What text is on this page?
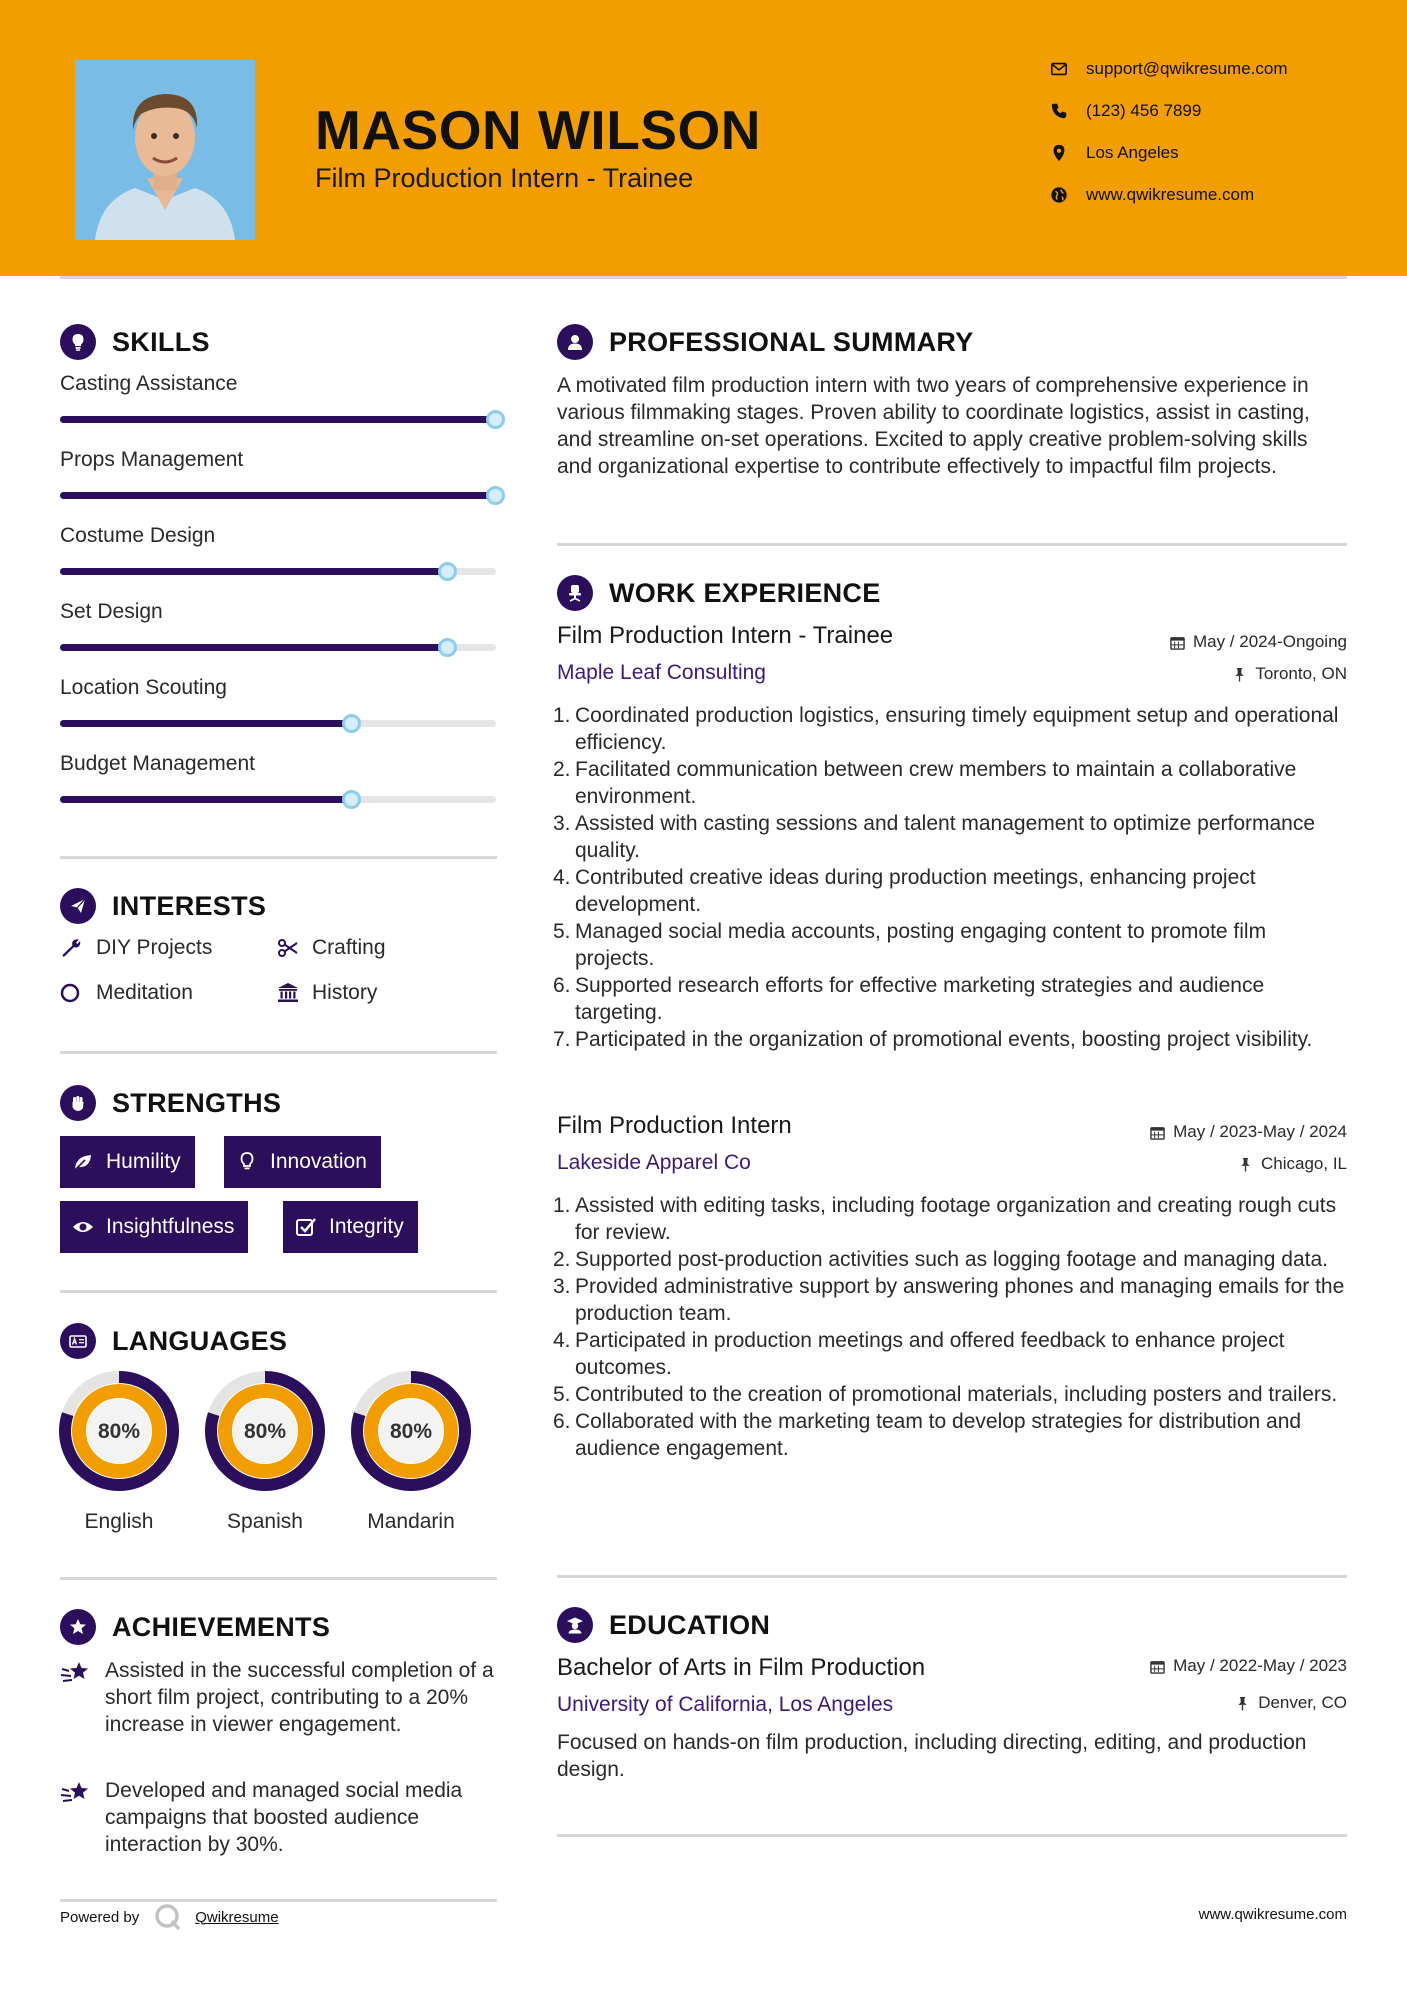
MASON WILSON
Film Production Intern - Trainee
support@qwikresume.com
(123) 456 7899
Los Angeles
www.qwikresume.com
SKILLS
Casting Assistance
Props Management
Costume Design
Set Design
Location Scouting
Budget Management
INTERESTS
DIY Projects	Crafting
Meditation	History
STRENGTHS
Humility	Innovation
Insightfulness	Integrity
LANGUAGES
80%
English
80%
Spanish
80%
Mandarin
ACHIEVEMENTS
Assisted in the successful completion of a short film project, contributing to a 20% increase in viewer engagement.
Developed and managed social media campaigns that boosted audience interaction by 30%.
PROFESSIONAL SUMMARY
A motivated film production intern with two years of comprehensive experience in various filmmaking stages. Proven ability to coordinate logistics, assist in casting, and streamline on-set operations. Excited to apply creative problem-solving skills and organizational expertise to contribute effectively to impactful film projects.
WORK EXPERIENCE
Film Production Intern - Trainee	May / 2024-Ongoing
Maple Leaf Consulting	Toronto, ON
1. Coordinated production logistics, ensuring timely equipment setup and operational efficiency.
2. Facilitated communication between crew members to maintain a collaborative environment.
3. Assisted with casting sessions and talent management to optimize performance quality.
4. Contributed creative ideas during production meetings, enhancing project development.
5. Managed social media accounts, posting engaging content to promote film projects.
6. Supported research efforts for effective marketing strategies and audience targeting.
7. Participated in the organization of promotional events, boosting project visibility.
Film Production Intern	May / 2023-May / 2024
Lakeside Apparel Co	Chicago, IL
1. Assisted with editing tasks, including footage organization and creating rough cuts for review.
2. Supported post-production activities such as logging footage and managing data.
3. Provided administrative support by answering phones and managing emails for the production team.
4. Participated in production meetings and offered feedback to enhance project outcomes.
5. Contributed to the creation of promotional materials, including posters and trailers.
6. Collaborated with the marketing team to develop strategies for distribution and audience engagement.
EDUCATION
Bachelor of Arts in Film Production	May / 2022-May / 2023
University of California, Los Angeles	Denver, CO
Focused on hands-on film production, including directing, editing, and production design.
Powered by	Qwikresume	www.qwikresume.com
